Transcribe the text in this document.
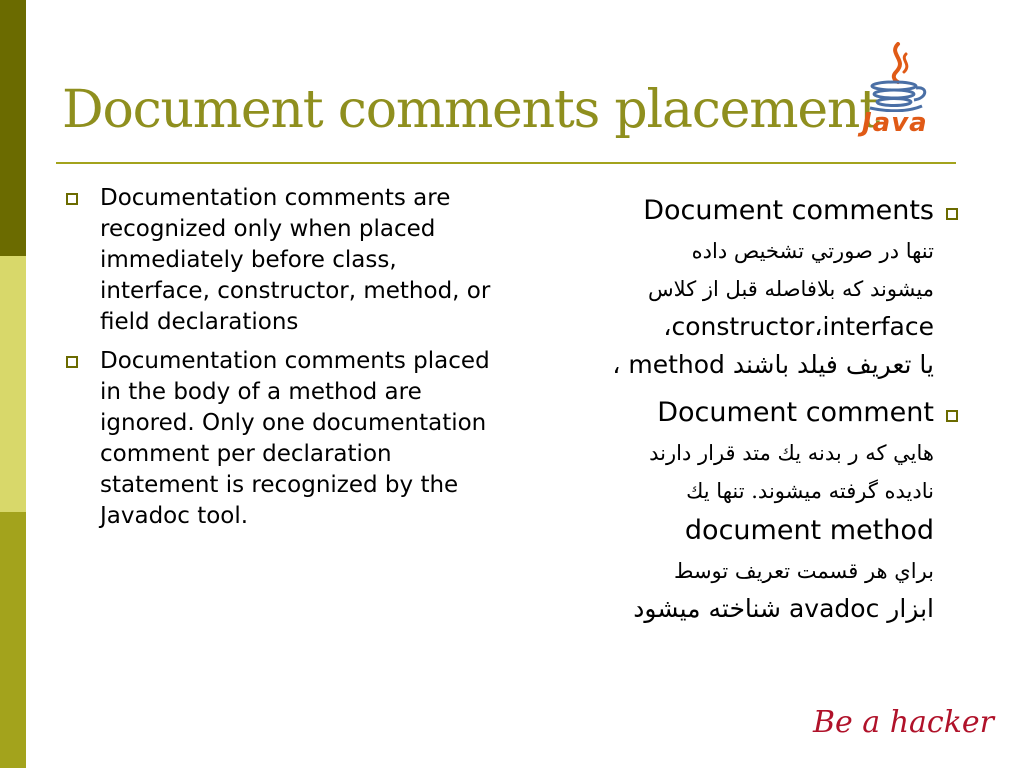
Document comments placement
Java
Documentation comments are recognized only when placed immediately before class, interface, constructor, method, or field declarations
Documentation comments placed in the body of a method are ignored. Only one documentation comment per declaration statement is recognized by the Javadoc tool.
Document comments
تنها در صورتي تشخيص داده
ميشوند كه بلافاصله قبل از كلاس
constructor،interface،
يا تعريف فيلد باشند method ،
Document comment
هايي كه ر بدنه يك متد قرار دارند
ناديده گرفته ميشوند. تنها يك
document method
براي هر قسمت تعريف توسط
ابزار avadoc شناخته ميشود
Be a hacker
